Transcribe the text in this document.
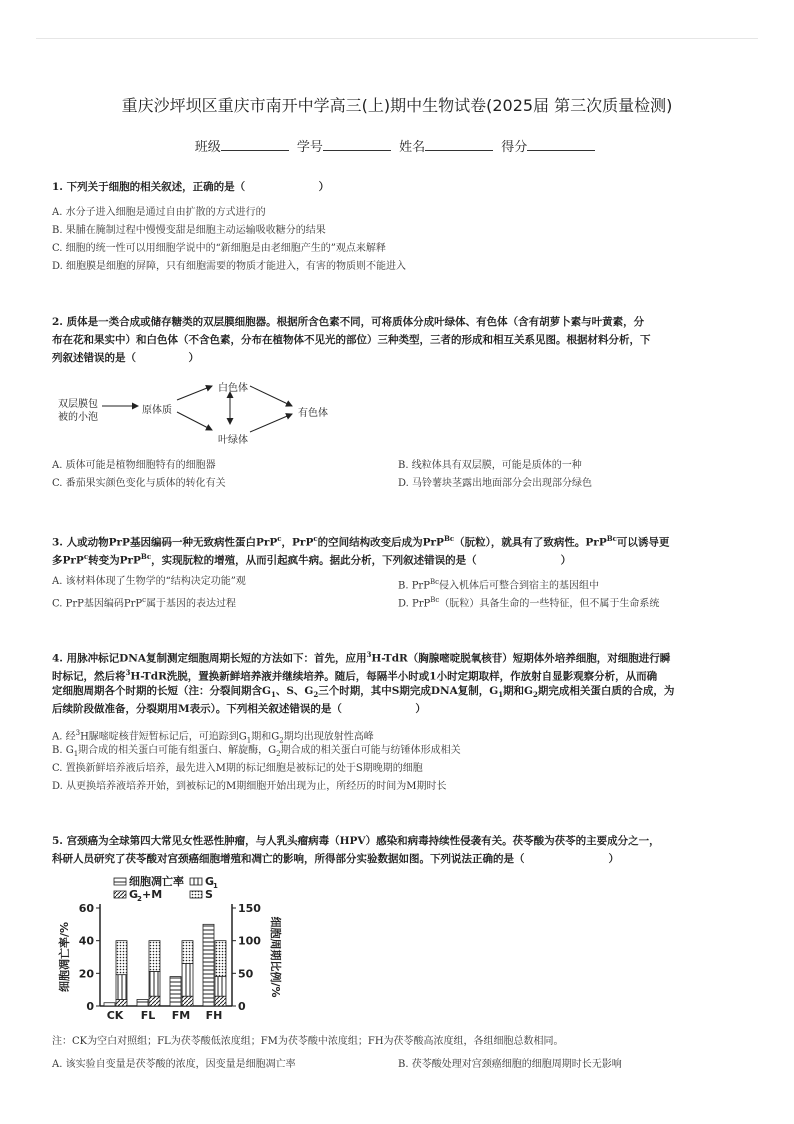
重庆沙坪坝区重庆市南开中学高三(上)期中生物试卷(2025届 第三次质量检测)
班级	学号	姓名	得分
1. 下列关于细胞的相关叙述，正确的是（　　　　　　　）
A. 水分子进入细胞是通过自由扩散的方式进行的
B. 果脯在腌制过程中慢慢变甜是细胞主动运输吸收糖分的结果
C. 细胞的统一性可以用细胞学说中的“新细胞是由老细胞产生的”观点来解释
D. 细胞膜是细胞的屏障，只有细胞需要的物质才能进入，有害的物质则不能进入
2. 质体是一类合成或储存糖类的双层膜细胞器。根据所含色素不同，可将质体分成叶绿体、有色体（含有胡萝卜素与叶黄素，分
布在花和果实中）和白色体（不含色素，分布在植物体不见光的部位）三种类型，三者的形成和相互关系见图。根据材料分析，下
列叙述错误的是（　　　　　）
双层膜包
被的小泡
原体质
白色体
叶绿体
有色体
A. 质体可能是植物细胞特有的细胞器	B. 线粒体具有双层膜，可能是质体的一种
C. 番茄果实颜色变化与质体的转化有关	D. 马铃薯块茎露出地面部分会出现部分绿色
3. 人或动物PrP基因编码一种无致病性蛋白PrP$^c$，PrP$^c$的空间结构改变后成为PrP$^{Bc}$（朊粒），就具有了致病性。PrP$^{Bc}$可以诱导更
多PrP$^c$转变为PrP$^{Bc}$，实现朊粒的增殖，从而引起疯牛病。据此分析，下列叙述错误的是（　　　　　　　　）
A. 该材料体现了生物学的“结构决定功能”观	B. PrP$^{Bc}$侵入机体后可整合到宿主的基因组中
C. PrP基因编码PrP$^c$属于基因的表达过程	D. PrP$^{Bc}$（朊粒）具备生命的一些特征，但不属于生命系统
4. 用脉冲标记DNA复制测定细胞周期长短的方法如下：首先，应用$^3$H-TdR（胸腺嘧啶脱氧核苷）短期体外培养细胞，对细胞进行瞬
时标记，然后将$^3$H-TdR洗脱，置换新鲜培养液并继续培养。随后，每隔半小时或1小时定期取样，作放射自显影观察分析，从而确
定细胞周期各个时期的长短（注：分裂间期含$G_1$、S、$G_2$三个时期，其中S期完成DNA复制，$G_1$期和$G_2$期完成相关蛋白质的合成，为
后续阶段做准备，分裂期用M表示）。下列相关叙述错误的是（　　　　　　　）
A. 经$^3$H脲嘧啶核苷短暂标记后，可追踪到$G_1$期和$G_2$期均出现放射性高峰
B. $G_1$期合成的相关蛋白可能有组蛋白、解旋酶，$G_2$期合成的相关蛋白可能与纺锤体形成相关
C. 置换新鲜培养液后培养，最先进入M期的标记细胞是被标记的处于S期晚期的细胞
D. 从更换培养液培养开始，到被标记的M期细胞开始出现为止，所经历的时间为M期时长
5. 宫颈癌为全球第四大常见女性恶性肿瘤，与人乳头瘤病毒（HPV）感染和病毒持续性侵袭有关。茯苓酸为茯苓的主要成分之一，
科研人员研究了茯苓酸对宫颈癌细胞增殖和凋亡的影响，所得部分实验数据如图。下列说法正确的是（　　　　　　　　）
细胞凋亡率 G
1
G
2 +M	S
0
20
40
60
0
50
100
150
细胞凋亡率/%	细胞周期比例/%
CK FL FM FH
注：CK为空白对照组；FL为茯苓酸低浓度组；FM为茯苓酸中浓度组；FH为茯苓酸高浓度组，各组细胞总数相同。
A. 该实验自变量是茯苓酸的浓度，因变量是细胞凋亡率	B. 茯苓酸处理对宫颈癌细胞的细胞周期时长无影响
